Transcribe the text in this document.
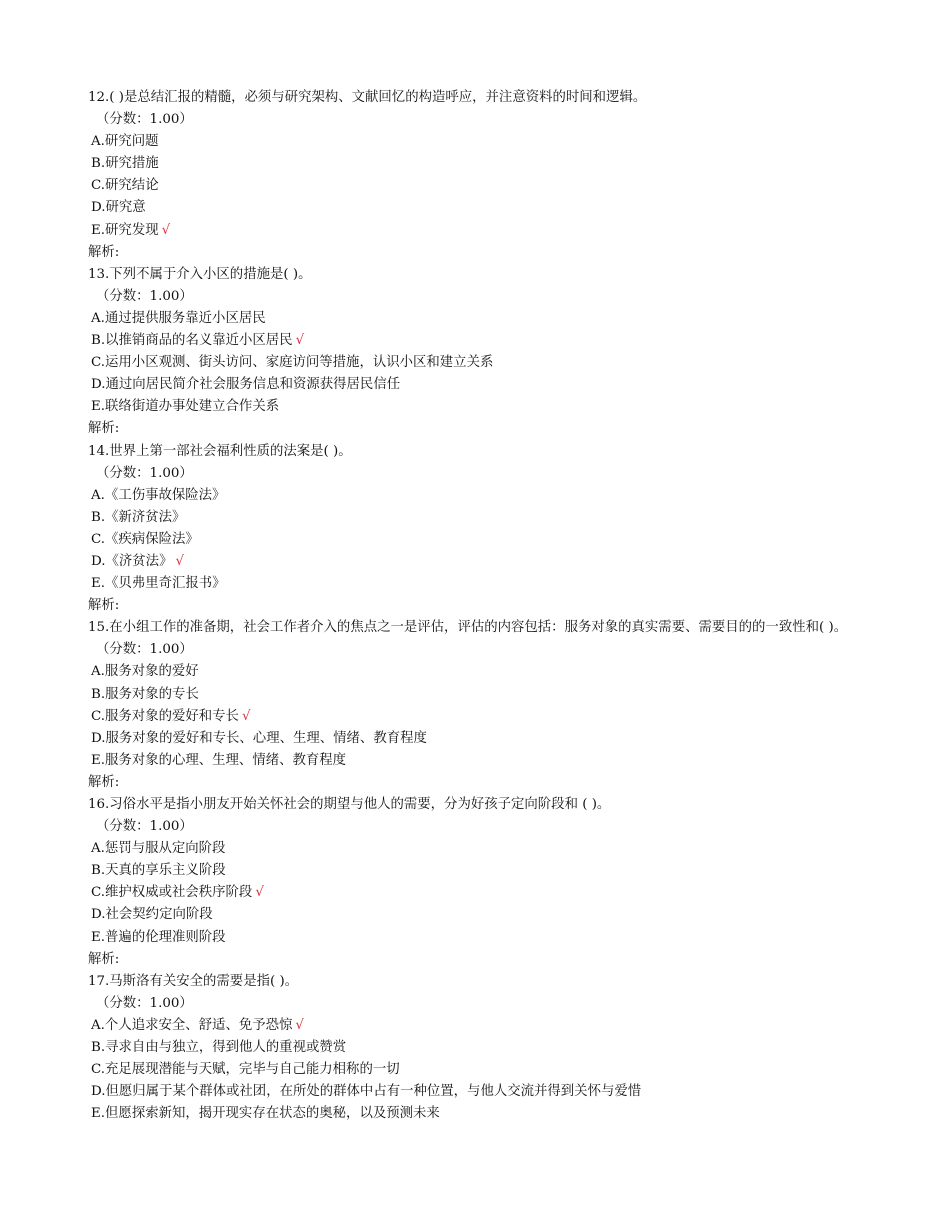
12.( )是总结汇报的精髓，必须与研究架构、文献回忆的构造呼应，并注意资料的时间和逻辑。
（分数：1.00）
A.研究问题
B.研究措施
C.研究结论
D.研究意
E.研究发现 √
解析:
13.下列不属于介入小区的措施是( )。
（分数：1.00）
A.通过提供服务靠近小区居民
B.以推销商品的名义靠近小区居民 √
C.运用小区观测、街头访问、家庭访问等措施，认识小区和建立关系
D.通过向居民简介社会服务信息和资源获得居民信任
E.联络街道办事处建立合作关系
解析:
14.世界上第一部社会福利性质的法案是( )。
（分数：1.00）
A.《工伤事故保险法》
B.《新济贫法》
C.《疾病保险法》
D.《济贫法》 √
E.《贝弗里奇汇报书》
解析:
15.在小组工作的准备期，社会工作者介入的焦点之一是评估，评估的内容包括：服务对象的真实需要、需要目的的一致性和( )。
（分数：1.00）
A.服务对象的爱好
B.服务对象的专长
C.服务对象的爱好和专长 √
D.服务对象的爱好和专长、心理、生理、情绪、教育程度
E.服务对象的心理、生理、情绪、教育程度
解析:
16.习俗水平是指小朋友开始关怀社会的期望与他人的需要，分为好孩子定向阶段和 ( )。
（分数：1.00）
A.惩罚与服从定向阶段
B.天真的享乐主义阶段
C.维护权威或社会秩序阶段 √
D.社会契约定向阶段
E.普遍的伦理准则阶段
解析:
17.马斯洛有关安全的需要是指( )。
（分数：1.00）
A.个人追求安全、舒适、免予恐惊 √
B.寻求自由与独立，得到他人的重视或赞赏
C.充足展现潜能与天赋，完毕与自己能力相称的一切
D.但愿归属于某个群体或社团，在所处的群体中占有一种位置，与他人交流并得到关怀与爱惜
E.但愿探索新知，揭开现实存在状态的奥秘，以及预测未来
